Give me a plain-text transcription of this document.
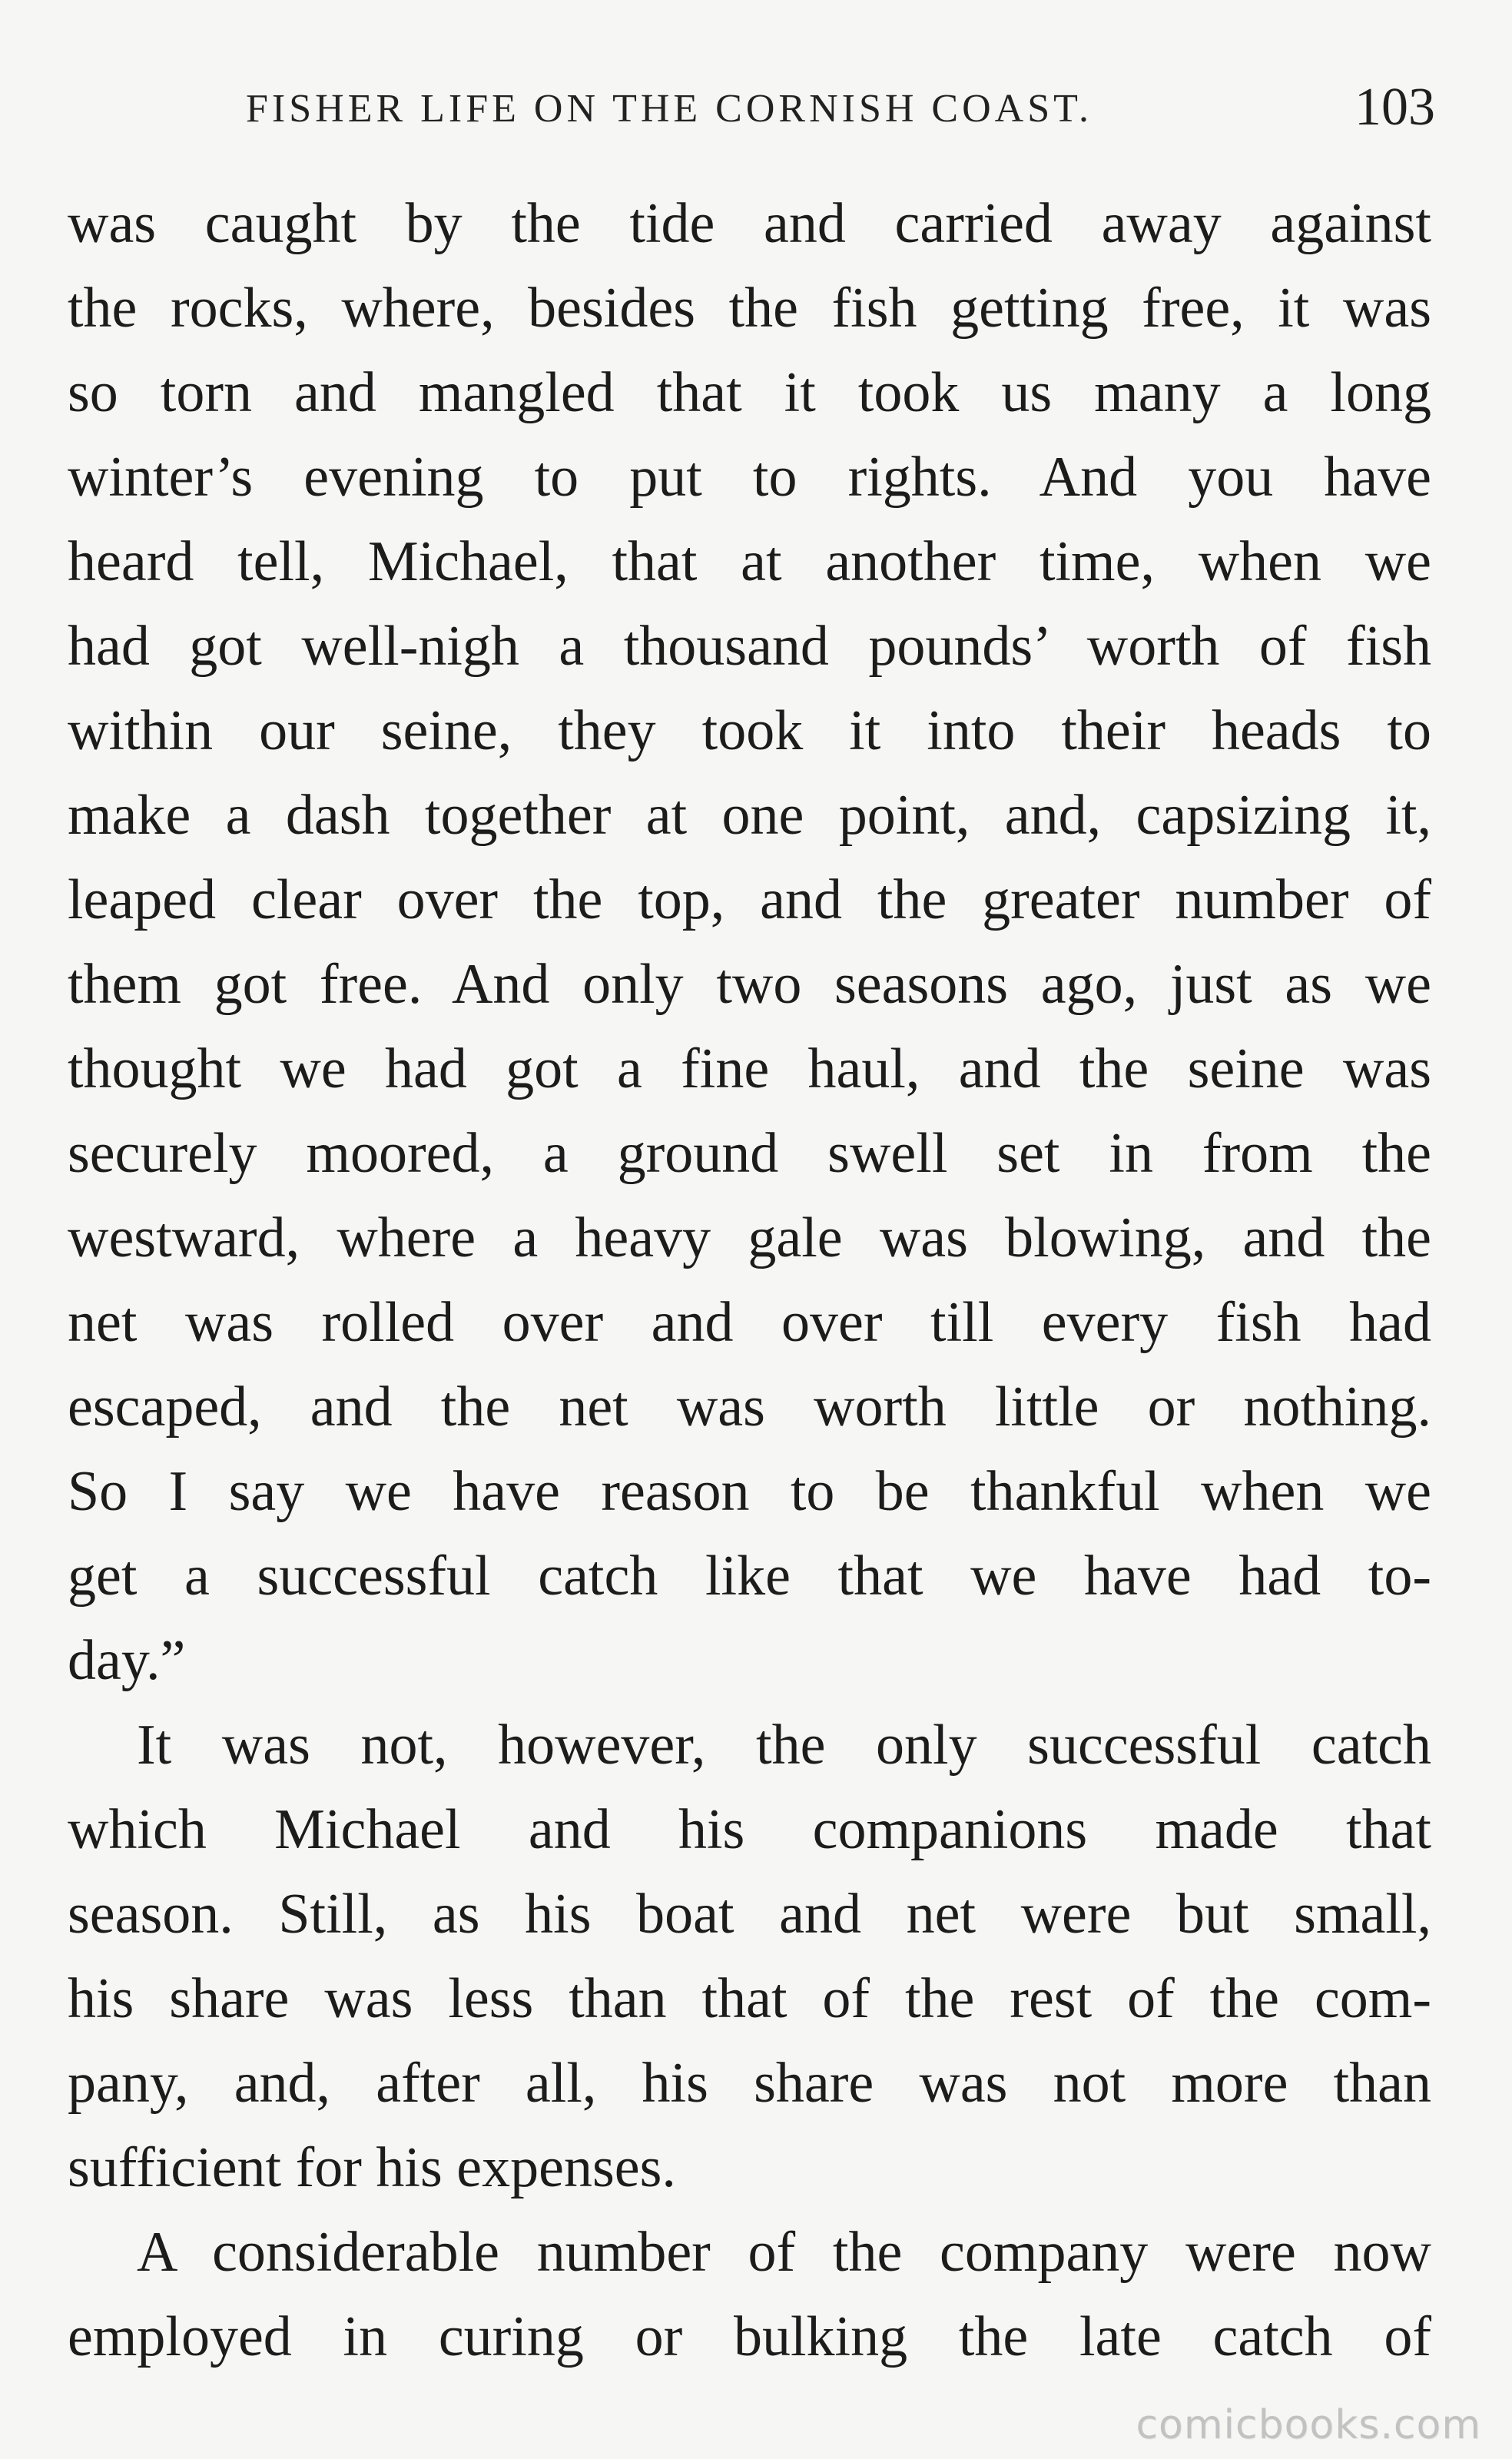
FISHER LIFE ON THE CORNISH COAST.	103
was caught by the tide and carried away against
the rocks, where, besides the fish getting free, it was
so torn and mangled that it took us many a long
winter’s evening to put to rights. And you have
heard tell, Michael, that at another time, when we
had got well-nigh a thousand pounds’ worth of fish
within our seine, they took it into their heads to
make a dash together at one point, and, capsizing it,
leaped clear over the top, and the greater number of
them got free. And only two seasons ago, just as we
thought we had got a fine haul, and the seine was
securely moored, a ground swell set in from the
westward, where a heavy gale was blowing, and the
net was rolled over and over till every fish had
escaped, and the net was worth little or nothing.
So I say we have reason to be thankful when we
get a successful catch like that we have had to-
day.”
It was not, however, the only successful catch
which Michael and his companions made that
season. Still, as his boat and net were but small,
his share was less than that of the rest of the com-
pany, and, after all, his share was not more than
sufficient for his expenses.
A considerable number of the company were now
employed in curing or bulking the late catch of
comicbooks.com
